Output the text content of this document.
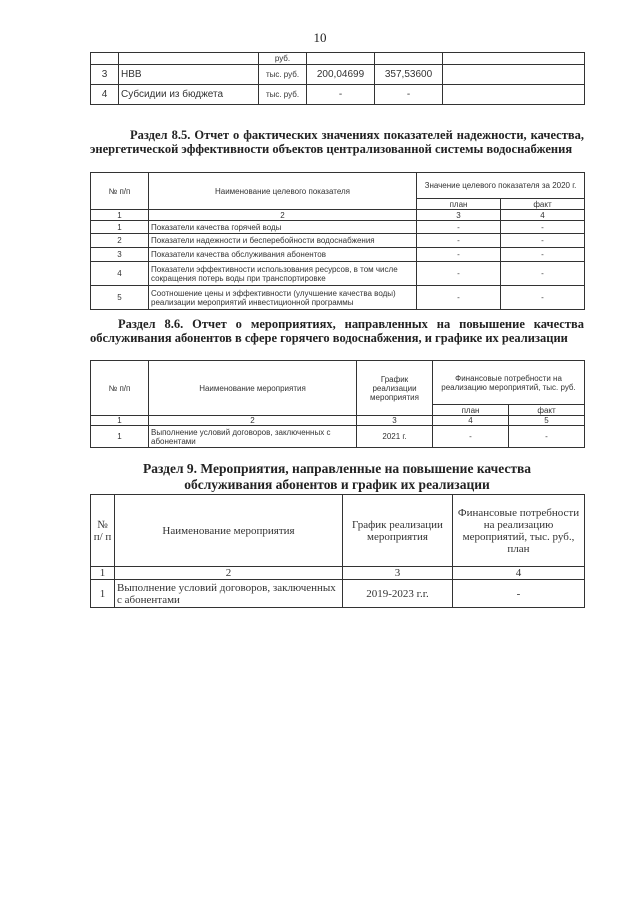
10
		руб.			
3	НВВ	тыс. руб.	200,04699	357,53600	
4	Субсидии из бюджета	тыс. руб.	-	-	
Раздел 8.5. Отчет о фактических значениях показателей надежности, качества, энергетической эффективности объектов централизованной системы водоснабжения
№ п/п	Наименование целевого показателя	Значение целевого показателя за 2020 г.	
		план	факт
1	2	3	4
1	Показатели качества горячей воды	-	-
2	Показатели надежности и бесперебойности водоснабжения	-	-
3	Показатели качества обслуживания абонентов	-	-
4	Показатели эффективности использования ресурсов, в том числе сокращения потерь воды при транспортировке	-	-
5	Соотношение цены и эффективности (улучшение качества воды) реализации мероприятий инвестиционной программы	-	-
Раздел 8.6. Отчет о мероприятиях, направленных на повышение качества обслуживания абонентов в сфере горячего водоснабжения, и графике их реализации
№ п/п	Наименование мероприятия	График реализации мероприятия	Финансовые потребности на реализацию мероприятий, тыс. руб.	
			план	факт
1	2	3	4	5
1	Выполнение условий договоров, заключенных с абонентами	2021 г.	-	-
Раздел 9. Мероприятия, направленные на повышение качества
обслуживания абонентов и график их реализации
№ п/ п	Наименование мероприятия	График реализации мероприятия	Финансовые потребности на реализацию мероприятий, тыс. руб., план
1	2	3	4
1	Выполнение условий договоров, заключенных с абонентами	2019-2023 г.г.	-
